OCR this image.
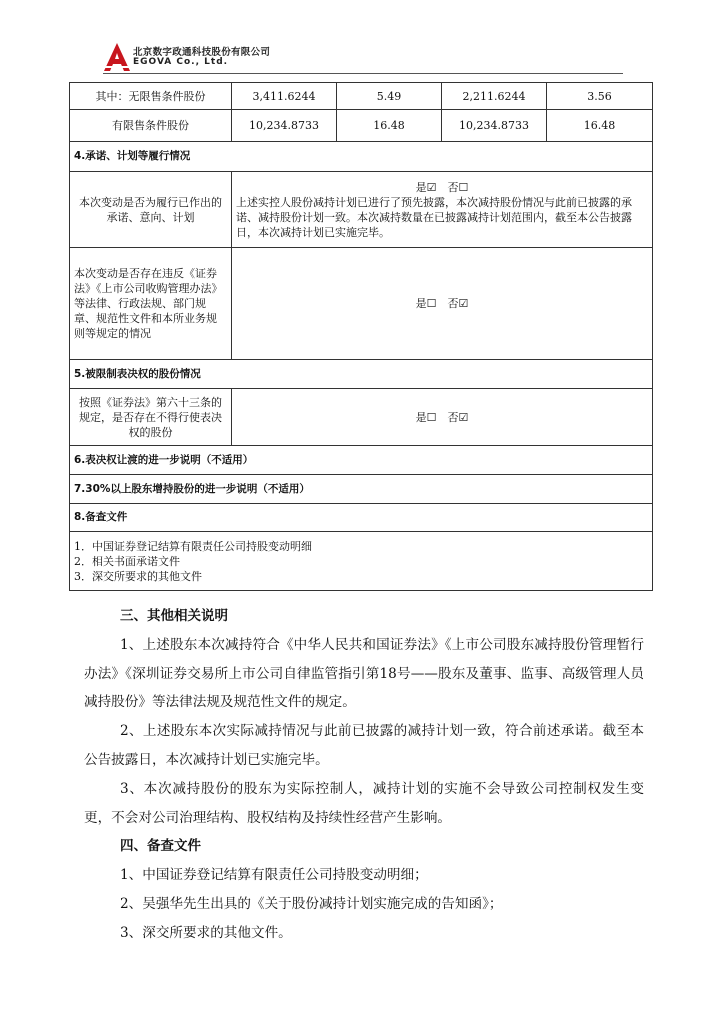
北京数字政通科技股份有限公司
EGOVA Co., Ltd.
其中：无限售条件股份	3,411.6244	5.49	2,211.6244	3.56
有限售条件股份	10,234.8733	16.48	10,234.8733	16.48
4.承诺、计划等履行情况				
本次变动是否为履行已作出的承诺、意向、计划	是☑　否☐
上述实控人股份减持计划已进行了预先披露，本次减持股份情况与此前已披露的承诺、减持股份计划一致。本次减持数量在已披露减持计划范围内，截至本公告披露日，本次减持计划已实施完毕。			

本次变动是否存在违反《证券法》《上市公司收购管理办法》等法律、行政法规、部门规章、规范性文件和本所业务规则等规定的情况	是☐　否☑			
5.被限制表决权的股份情况				
按照《证券法》第六十三条的规定，是否存在不得行使表决权的股份	是☐　否☑			
6.表决权让渡的进一步说明（不适用）				
7.30%以上股东增持股份的进一步说明（不适用）				
8.备查文件				

1．中国证券登记结算有限责任公司持股变动明细
2．相关书面承诺文件
3．深交所要求的其他文件				

三、其他相关说明

1、上述股东本次减持符合《中华人民共和国证券法》《上市公司股东减持股份管理暂行办法》《深圳证券交易所上市公司自律监管指引第18号——股东及董事、监事、高级管理人员减持股份》等法律法规及规范性文件的规定。

2、上述股东本次实际减持情况与此前已披露的减持计划一致，符合前述承诺。截至本公告披露日，本次减持计划已实施完毕。

3、本次减持股份的股东为实际控制人，减持计划的实施不会导致公司控制权发生变更，不会对公司治理结构、股权结构及持续性经营产生影响。

四、备查文件

1、中国证券登记结算有限责任公司持股变动明细；

2、吴强华先生出具的《关于股份减持计划实施完成的告知函》；

3、深交所要求的其他文件。
